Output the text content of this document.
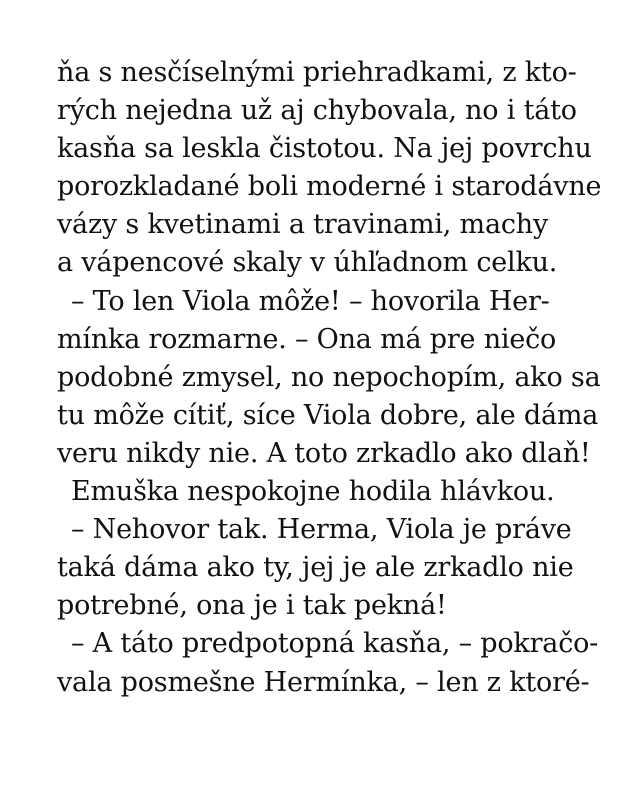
ňa s nesčíselnými priehradkami, z kto-
rých nejedna už aj chybovala, no i táto
kasňa sa leskla čistotou. Na jej povrchu
porozkladané boli moderné i starodávne
vázy s kvetinami a travinami, machy
a vápencové skaly v úhľadnom celku.
– To len Viola môže! – hovorila Her-
mínka rozmarne. – Ona má pre niečo
podobné zmysel, no nepochopím, ako sa
tu môže cítiť, síce Viola dobre, ale dáma
veru nikdy nie. A toto zrkadlo ako dlaň!
Emuška nespokojne hodila hlávkou.
– Nehovor tak. Herma, Viola je práve
taká dáma ako ty, jej je ale zrkadlo nie
potrebné, ona je i tak pekná!
– A táto predpotopná kasňa, – pokračo-
vala posmešne Hermínka, – len z ktoré-
